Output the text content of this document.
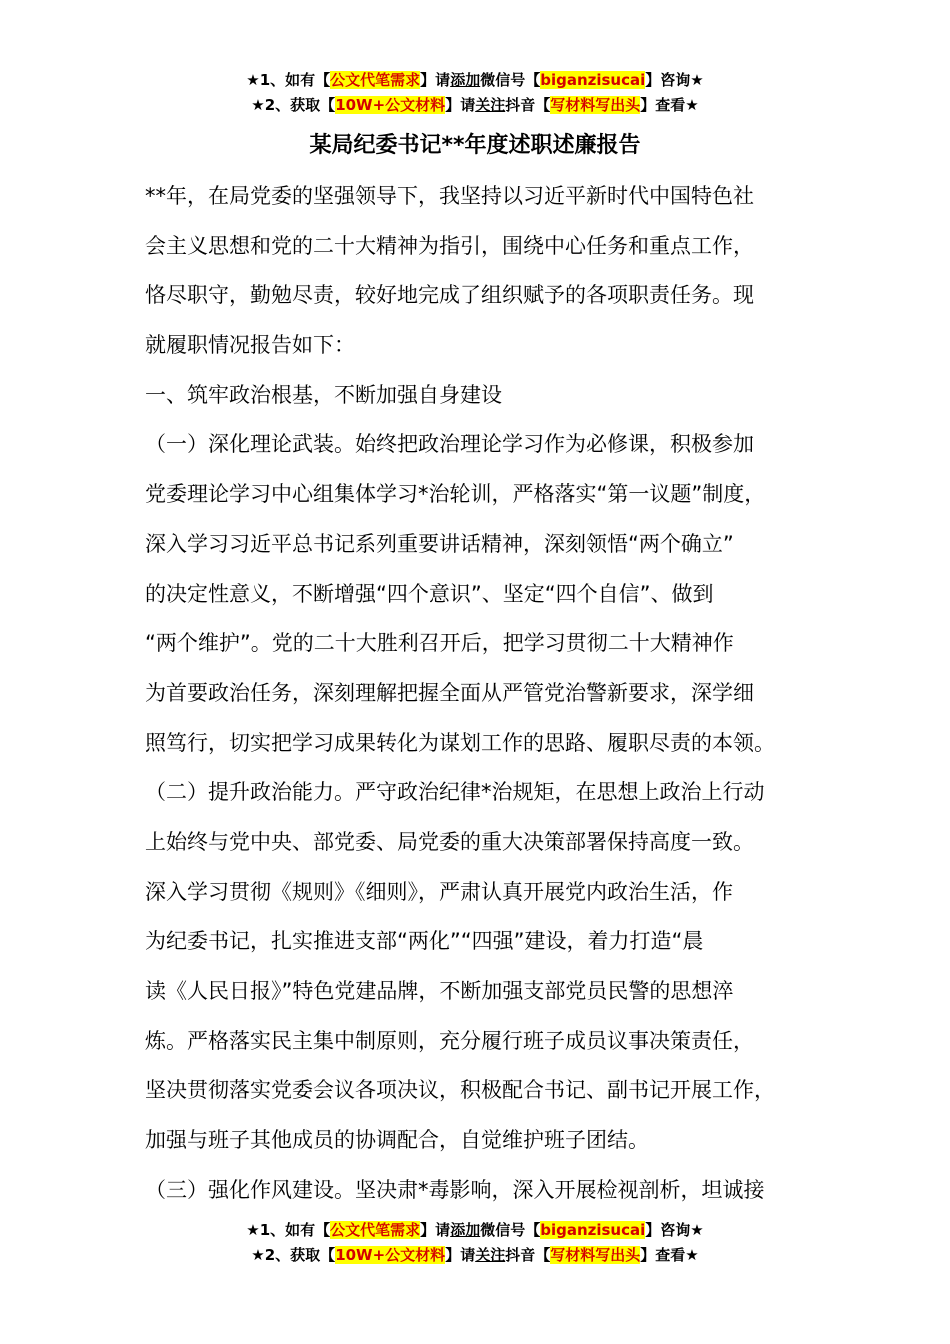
★1、如有【公文代笔需求】请添加微信号【biganzisucai】咨询★
★2、获取【10W+公文材料】请关注抖音【写材料写出头】查看★
某局纪委书记**年度述职述廉报告
**年，在局党委的坚强领导下，我坚持以习近平新时代中国特色社
会主义思想和党的二十大精神为指引，围绕中心任务和重点工作，
恪尽职守，勤勉尽责，较好地完成了组织赋予的各项职责任务。现
就履职情况报告如下：
一、筑牢政治根基，不断加强自身建设
（一）深化理论武装。始终把政治理论学习作为必修课，积极参加
党委理论学习中心组集体学习*治轮训，严格落实“第一议题”制度，
深入学习习近平总书记系列重要讲话精神，深刻领悟“两个确立”
的决定性意义，不断增强“四个意识”、坚定“四个自信”、做到
“两个维护”。党的二十大胜利召开后，把学习贯彻二十大精神作
为首要政治任务，深刻理解把握全面从严管党治警新要求，深学细
照笃行，切实把学习成果转化为谋划工作的思路、履职尽责的本领。
（二）提升政治能力。严守政治纪律*治规矩，在思想上政治上行动
上始终与党中央、部党委、局党委的重大决策部署保持高度一致。
深入学习贯彻《规则》《细则》，严肃认真开展党内政治生活，作
为纪委书记，扎实推进支部“两化”“四强”建设，着力打造“晨
读《人民日报》”特色党建品牌，不断加强支部党员民警的思想淬
炼。严格落实民主集中制原则，充分履行班子成员议事决策责任，
坚决贯彻落实党委会议各项决议，积极配合书记、副书记开展工作，
加强与班子其他成员的协调配合，自觉维护班子团结。
（三）强化作风建设。坚决肃*毒影响，深入开展检视剖析，坦诚接
★1、如有【公文代笔需求】请添加微信号【biganzisucai】咨询★
★2、获取【10W+公文材料】请关注抖音【写材料写出头】查看★
